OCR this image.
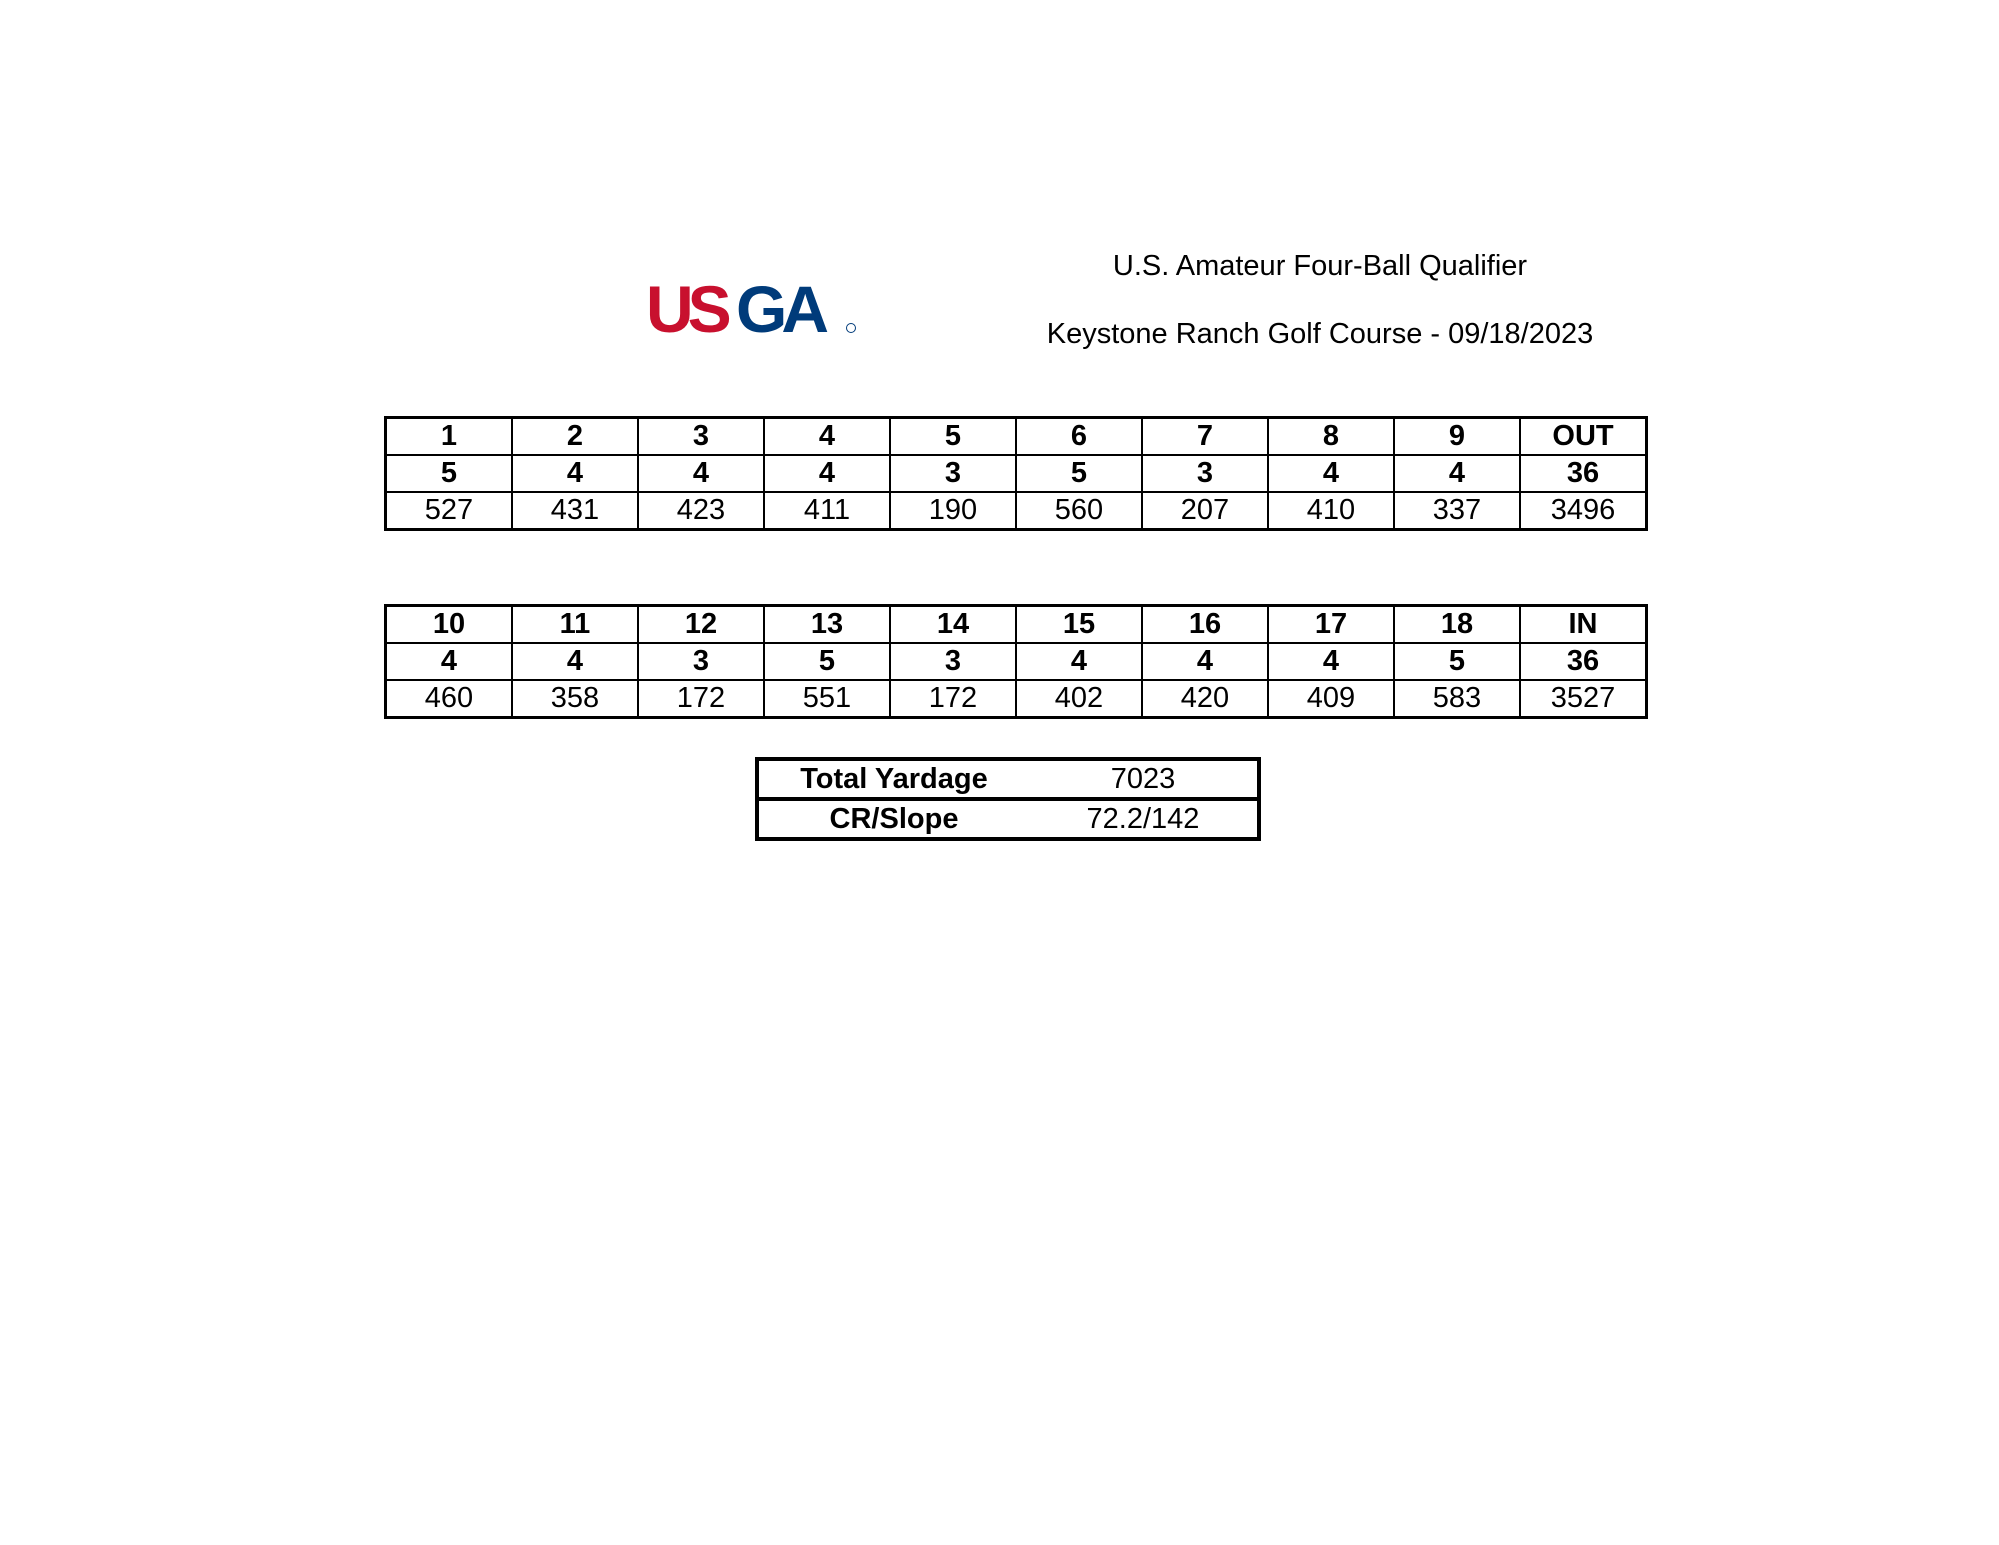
US GA
U.S. Amateur Four-Ball Qualifier
Keystone Ranch Golf Course - 09/18/2023
1	2	3	4	5	6	7	8	9	OUT
5	4	4	4	3	5	3	4	4	36
527	431	423	411	190	560	207	410	337	3496
10	11	12	13	14	15	16	17	18	IN
4	4	3	5	3	4	4	4	5	36
460	358	172	551	172	402	420	409	583	3527
Total Yardage	7023
CR/Slope	72.2/142
